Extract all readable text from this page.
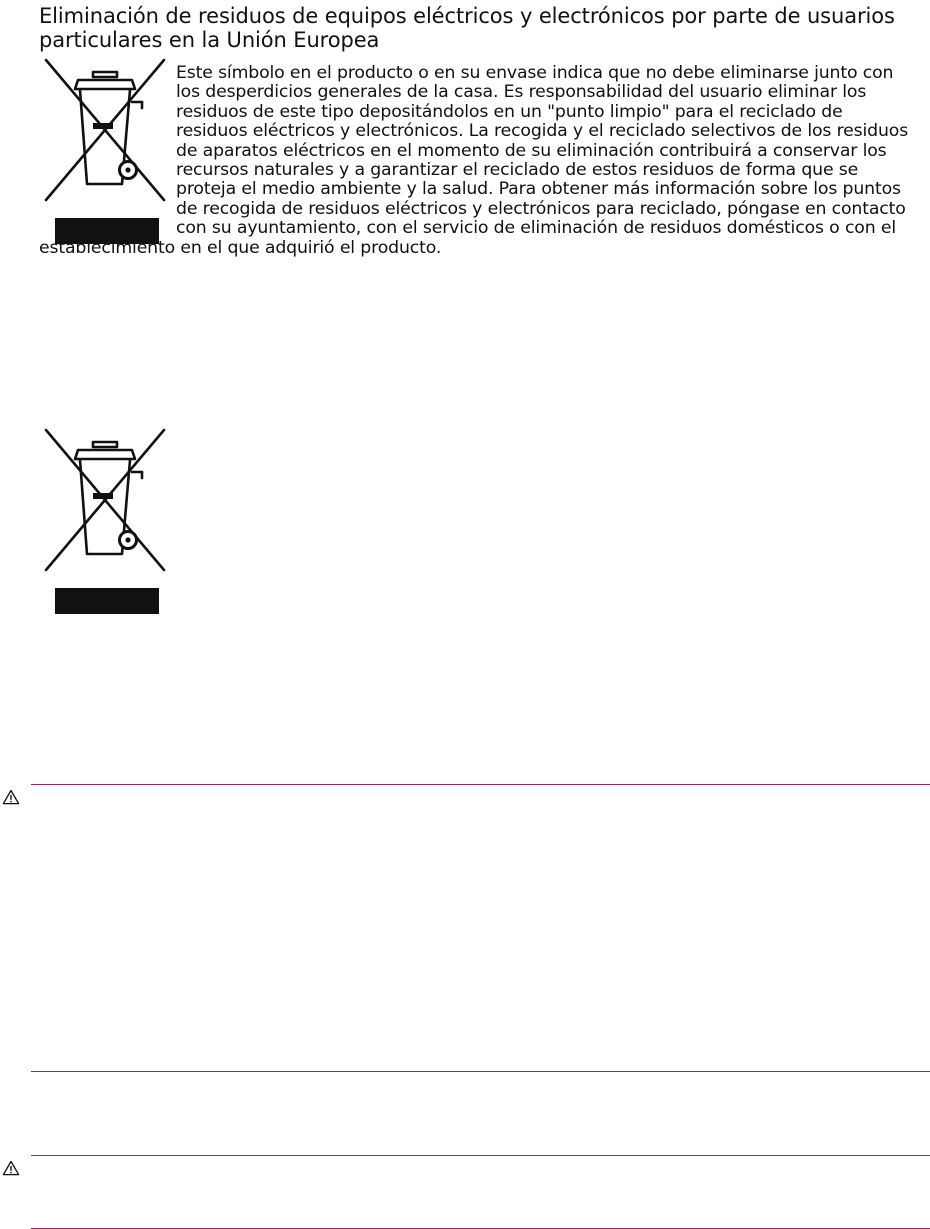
Eliminación de residuos de equipos eléctricos y electrónicos por parte de usuarios particulares en la Unión Europea

Este símbolo en el producto o en su envase indica que no debe eliminarse junto con los desperdicios generales de la casa. Es responsabilidad del usuario eliminar los residuos de este tipo depositándolos en un "punto limpio" para el reciclado de residuos eléctricos y electrónicos. La recogida y el reciclado selectivos de los residuos de aparatos eléctricos en el momento de su eliminación contribuirá a conservar los recursos naturales y a garantizar el reciclado de estos residuos de forma que se proteja el medio ambiente y la salud. Para obtener más información sobre los puntos de recogida de residuos eléctricos y electrónicos para reciclado, póngase en contacto con su ayuntamiento, con el servicio de eliminación de residuos domésticos o con el establecimiento en el que adquirió el producto.
